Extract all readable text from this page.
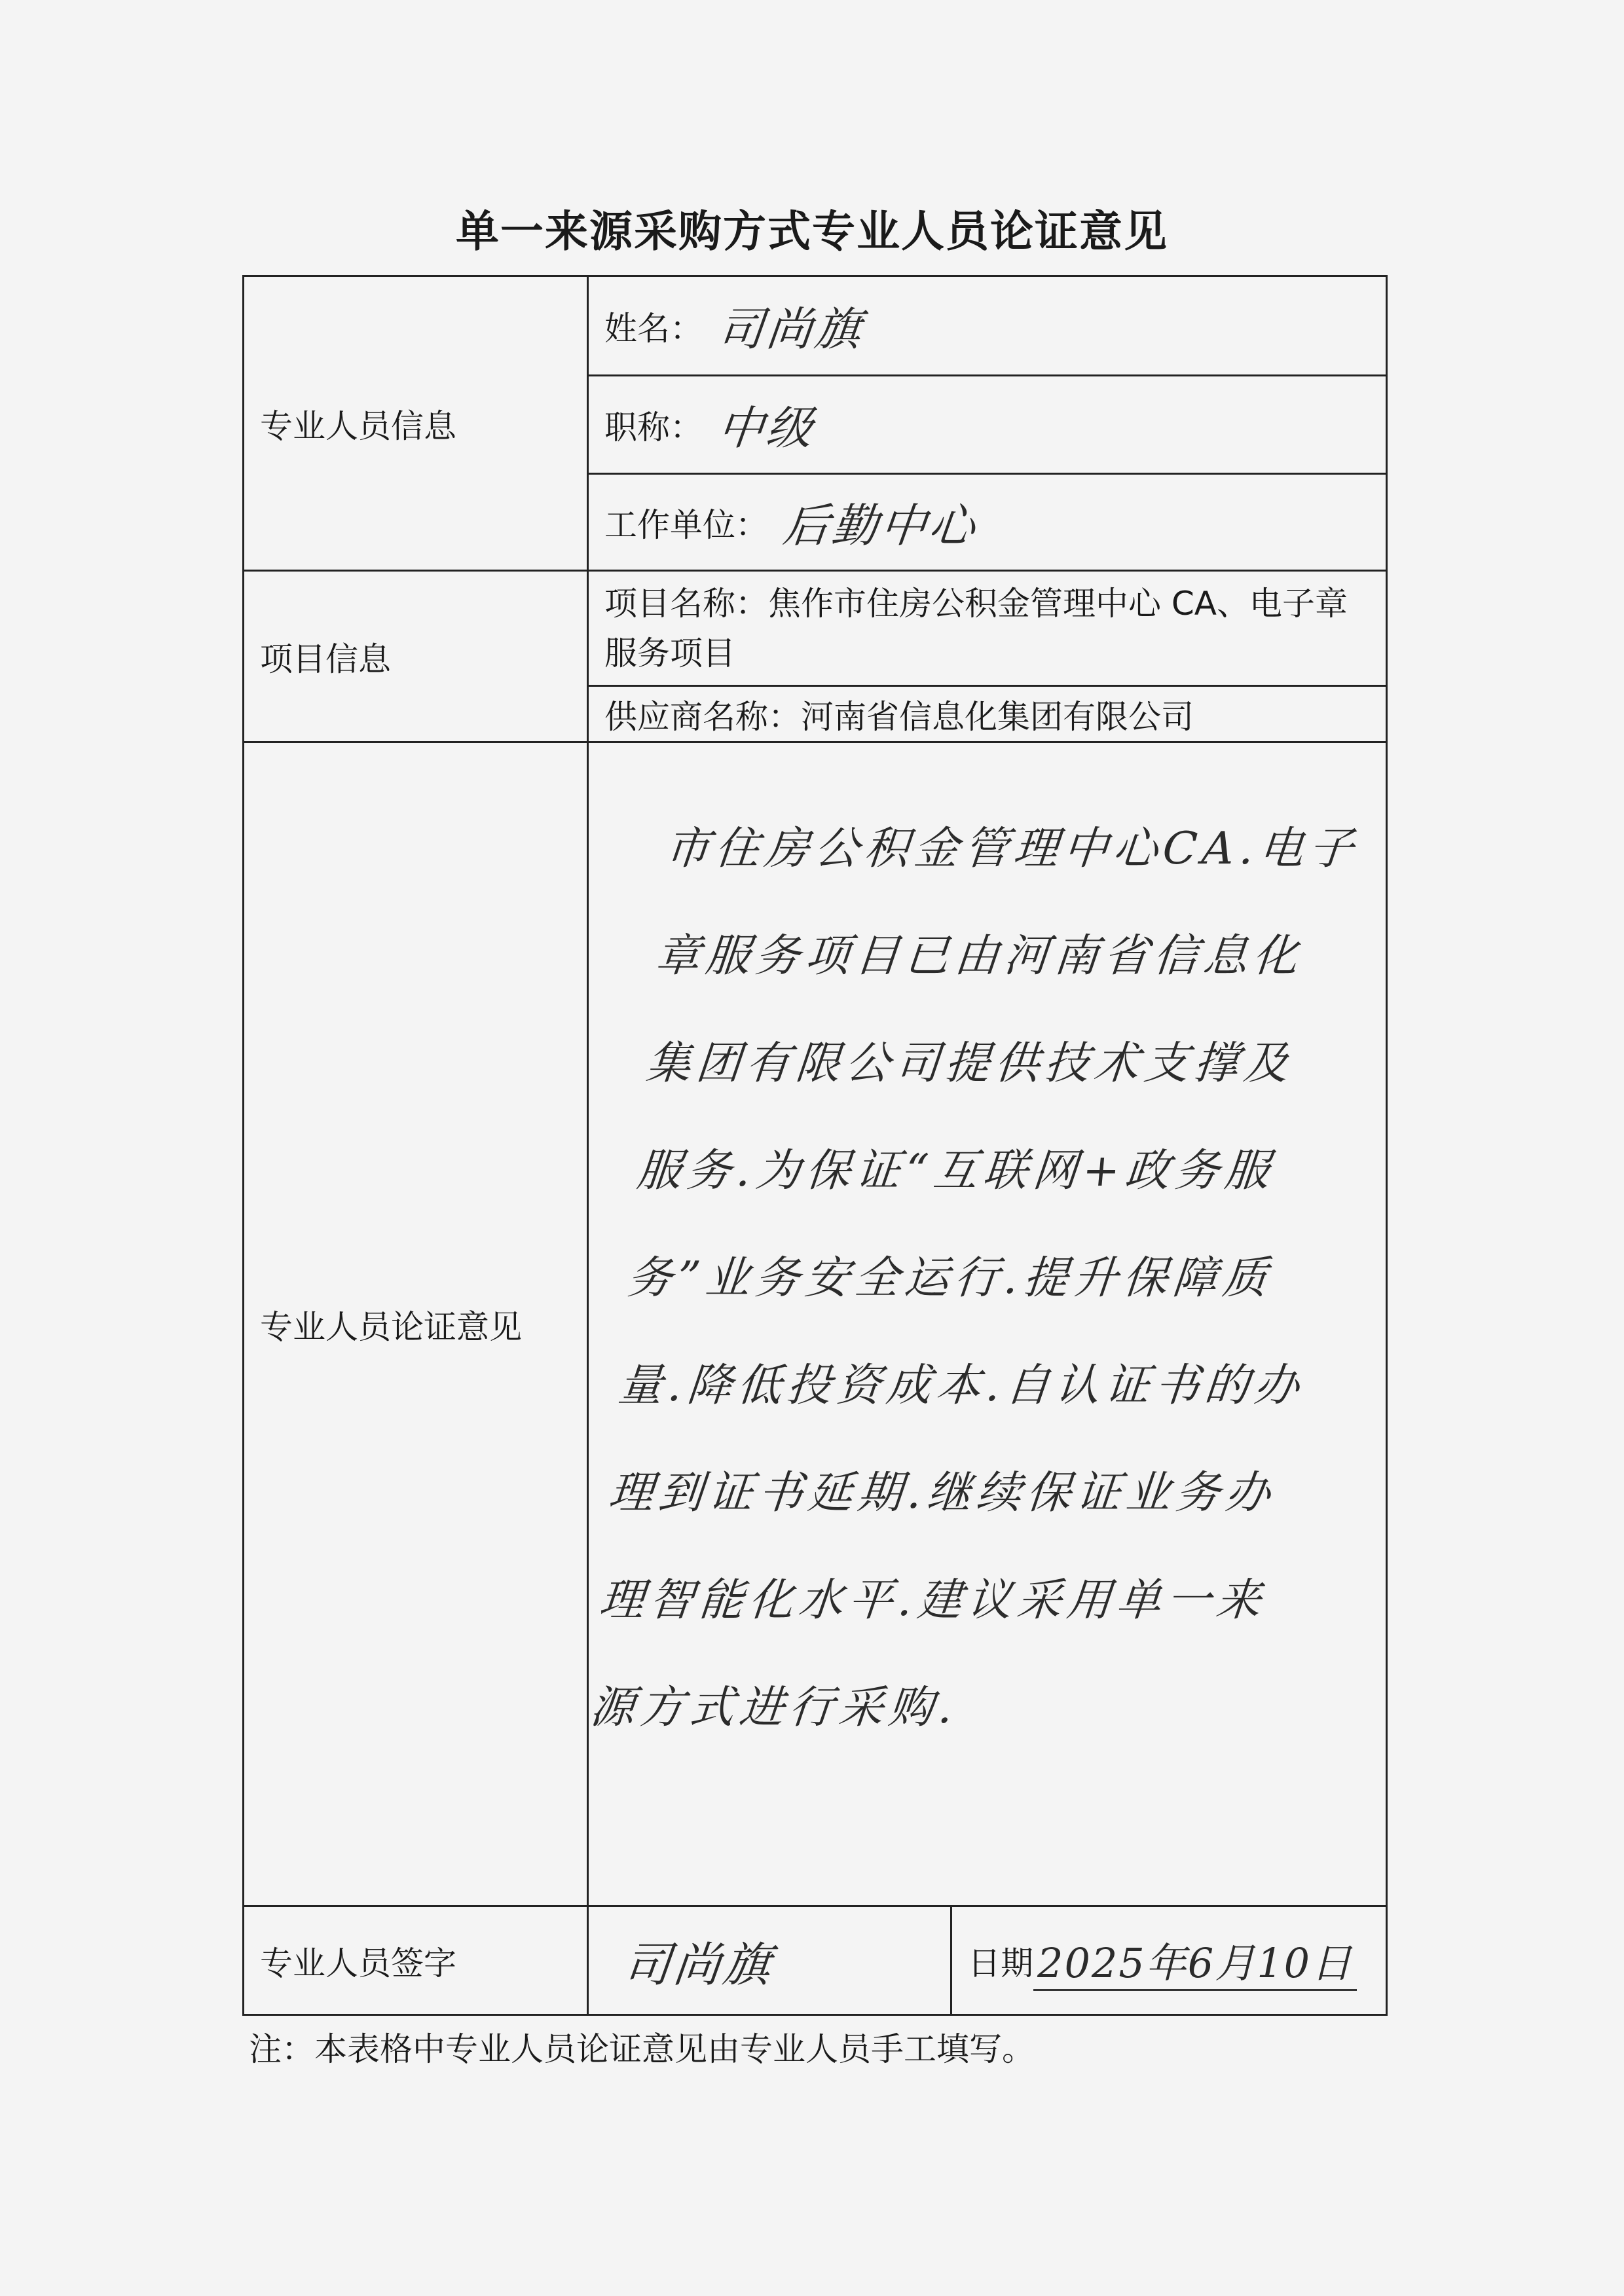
单一来源采购方式专业人员论证意见
专业人员信息	姓名： 司尚旗	
	职称： 中级	
	工作单位： 后勤中心	
项目信息	项目名称：焦作市住房公积金管理中心 CA、电子章服务项目	
	供应商名称：河南省信息化集团有限公司	
专业人员论证意见	市住房公积金管理中心CA.电子章服务项目已由河南省信息化集团有限公司提供技术支撑及服务.为保证“互联网+政务服务”业务安全运行.提升保障质量.降低投资成本.自认证书的办理到证书延期.继续保证业务办理智能化水平.建议采用单一来源方式进行采购.	

专业人员签字	司尚旗	日期2025年6月10日
注：本表格中专业人员论证意见由专业人员手工填写。
